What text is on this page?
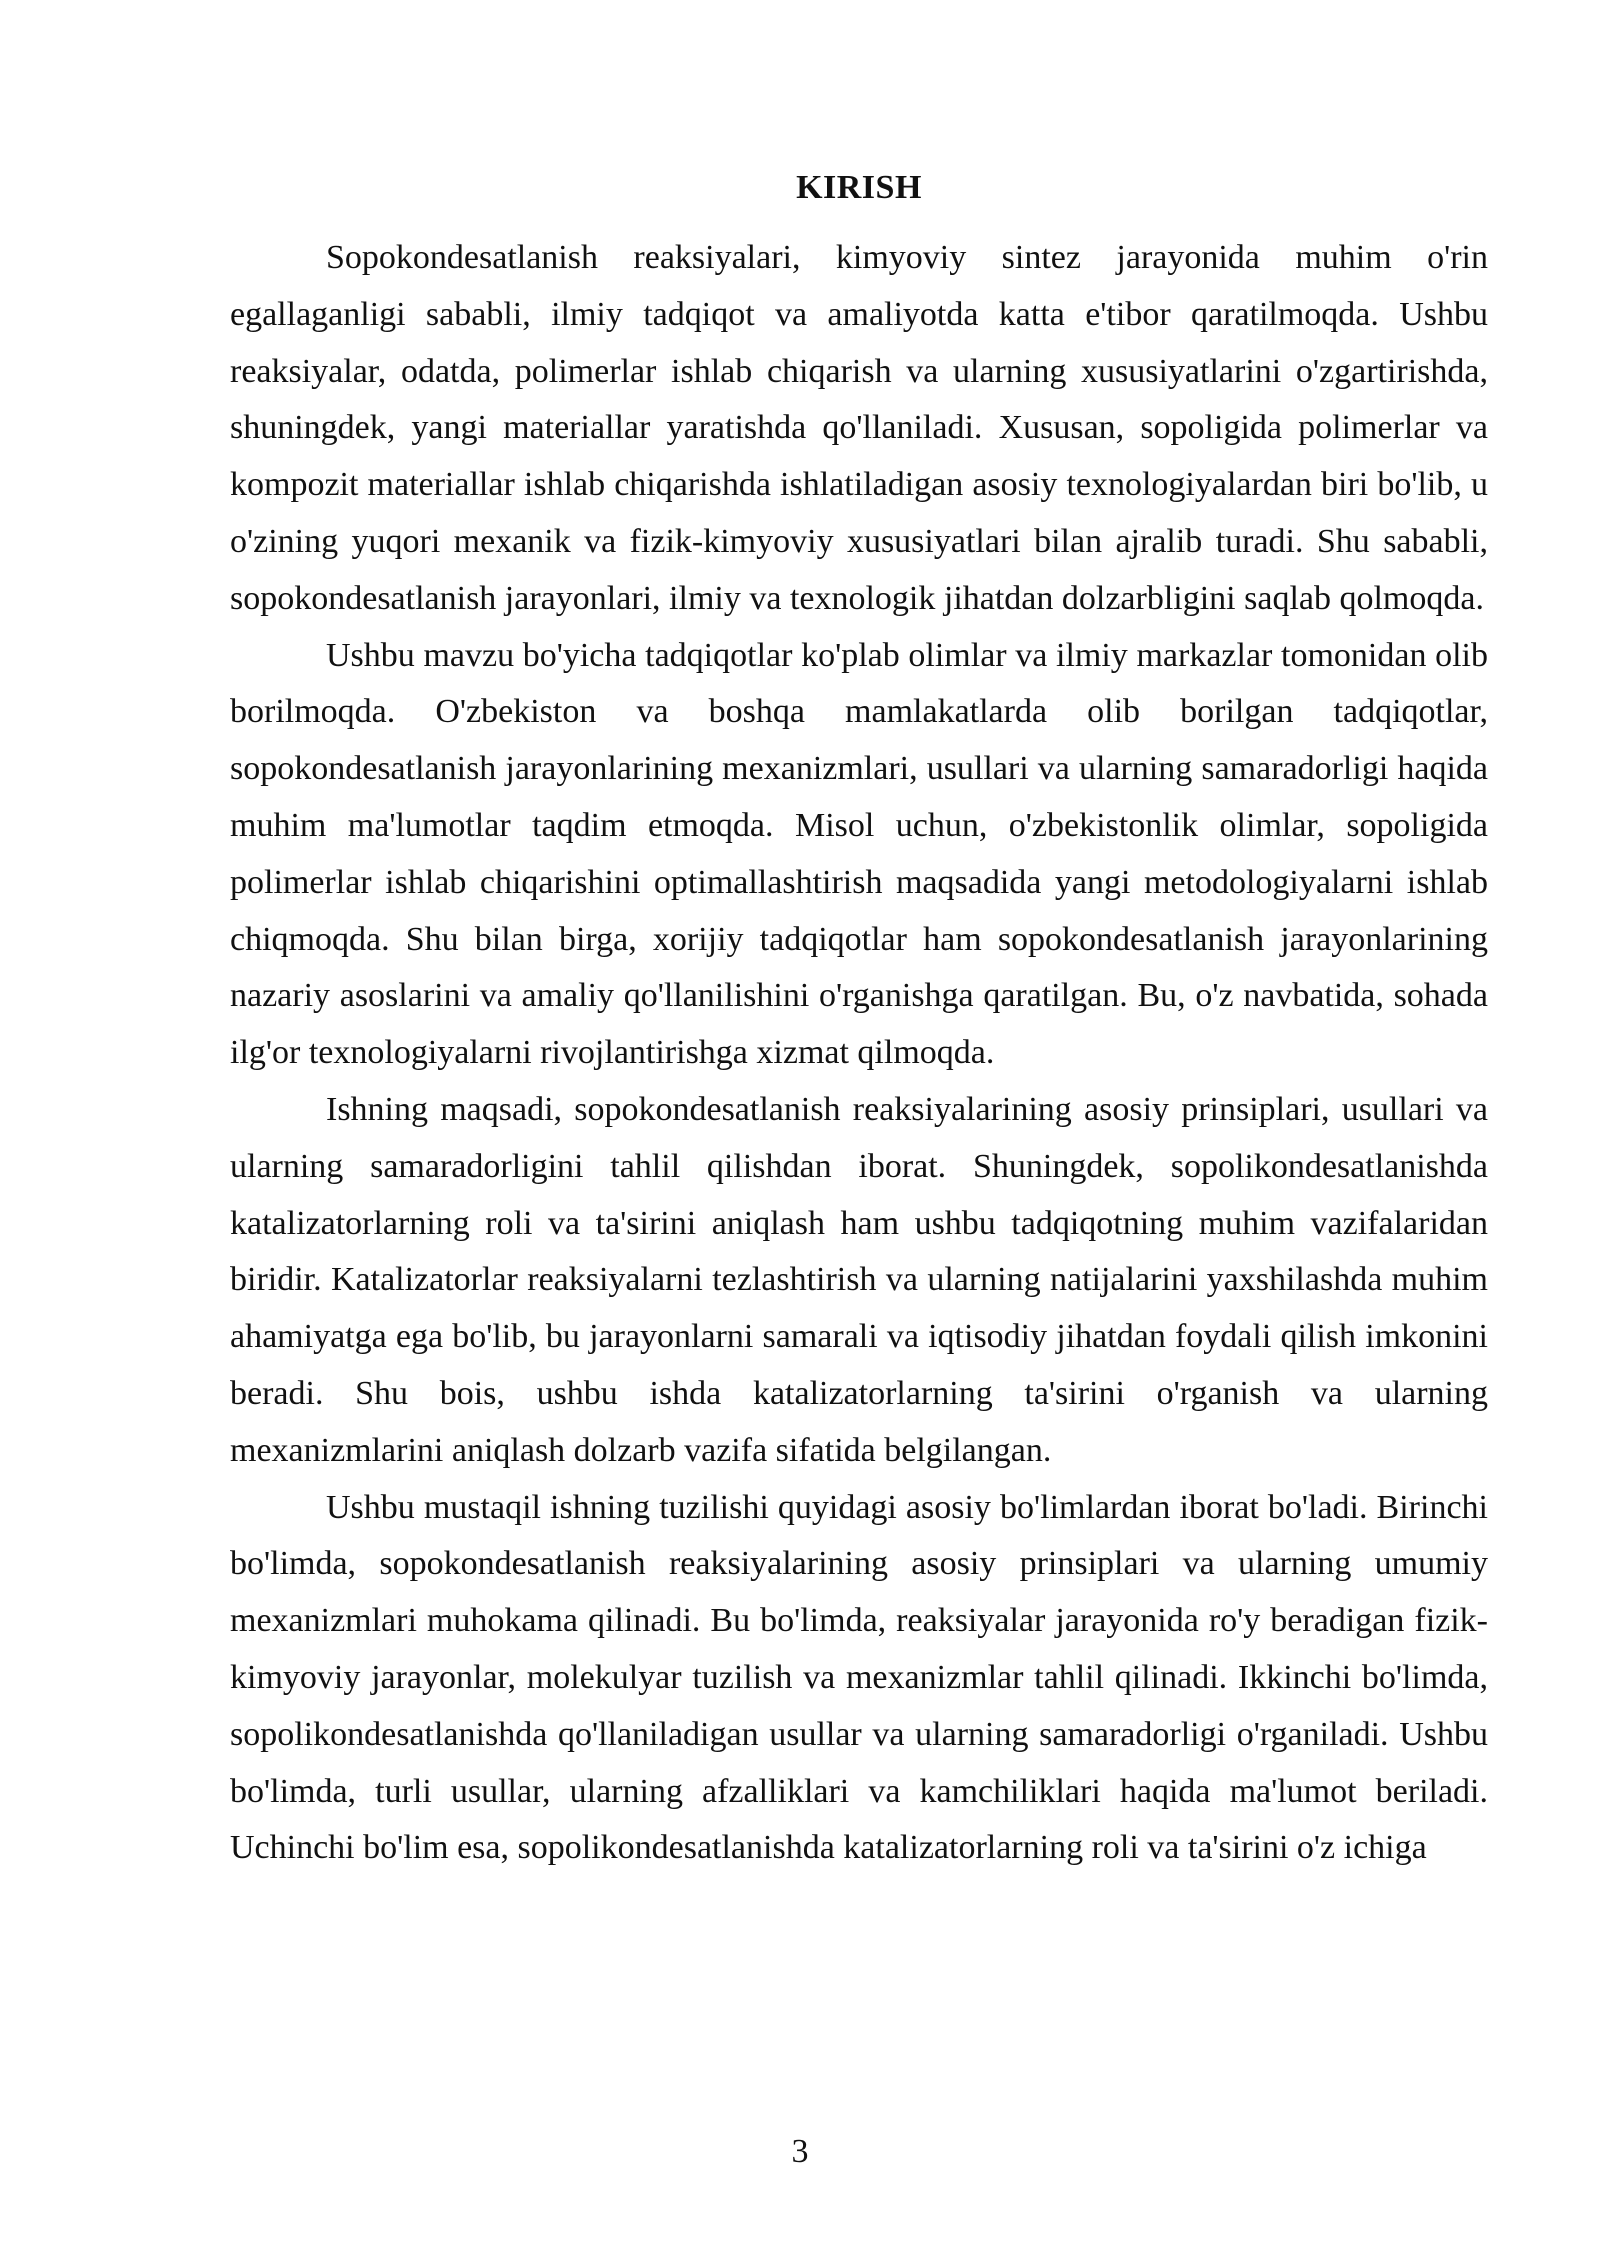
KIRISH

Sopokondesatlanish reaksiyalari, kimyoviy sintez jarayonida muhim o'rin egallaganligi sababli, ilmiy tadqiqot va amaliyotda katta e'tibor qaratilmoqda. Ushbu reaksiyalar, odatda, polimerlar ishlab chiqarish va ularning xususiyatlarini o'zgartirishda, shuningdek, yangi materiallar yaratishda qo'llaniladi. Xususan, sopoligida polimerlar va kompozit materiallar ishlab chiqarishda ishlatiladigan asosiy texnologiyalardan biri bo'lib, u o'zining yuqori mexanik va fizik-kimyoviy xususiyatlari bilan ajralib turadi. Shu sababli, sopokondesatlanish jarayonlari, ilmiy va texnologik jihatdan dolzarbligini saqlab qolmoqda.

Ushbu mavzu bo'yicha tadqiqotlar ko'plab olimlar va ilmiy markazlar tomonidan olib borilmoqda. O'zbekiston va boshqa mamlakatlarda olib borilgan tadqiqotlar, sopokondesatlanish jarayonlarining mexanizmlari, usullari va ularning samaradorligi haqida muhim ma'lumotlar taqdim etmoqda. Misol uchun, o'zbekistonlik olimlar, sopoligida polimerlar ishlab chiqarishini optimallashtirish maqsadida yangi metodologiyalarni ishlab chiqmoqda. Shu bilan birga, xorijiy tadqiqotlar ham sopokondesatlanish jarayonlarining nazariy asoslarini va amaliy qo'llanilishini o'rganishga qaratilgan. Bu, o'z navbatida, sohada ilg'or texnologiyalarni rivojlantirishga xizmat qilmoqda.

Ishning maqsadi, sopokondesatlanish reaksiyalarining asosiy prinsiplari, usullari va ularning samaradorligini tahlil qilishdan iborat. Shuningdek, sopolikondesatlanishda katalizatorlarning roli va ta'sirini aniqlash ham ushbu tadqiqotning muhim vazifalaridan biridir. Katalizatorlar reaksiyalarni tezlashtirish va ularning natijalarini yaxshilashda muhim ahamiyatga ega bo'lib, bu jarayonlarni samarali va iqtisodiy jihatdan foydali qilish imkonini beradi. Shu bois, ushbu ishda katalizatorlarning ta'sirini o'rganish va ularning mexanizmlarini aniqlash dolzarb vazifa sifatida belgilangan.

Ushbu mustaqil ishning tuzilishi quyidagi asosiy bo'limlardan iborat bo'ladi. Birinchi bo'limda, sopokondesatlanish reaksiyalarining asosiy prinsiplari va ularning umumiy mexanizmlari muhokama qilinadi. Bu bo'limda, reaksiyalar jarayonida ro'y beradigan fizik-kimyoviy jarayonlar, molekulyar tuzilish va mexanizmlar tahlil qilinadi. Ikkinchi bo'limda, sopolikondesatlanishda qo'llaniladigan usullar va ularning samaradorligi o'rganiladi. Ushbu bo'limda, turli usullar, ularning afzalliklari va kamchiliklari haqida ma'lumot beriladi. Uchinchi bo'lim esa, sopolikondesatlanishda katalizatorlarning roli va ta'sirini o'z ichiga

3
